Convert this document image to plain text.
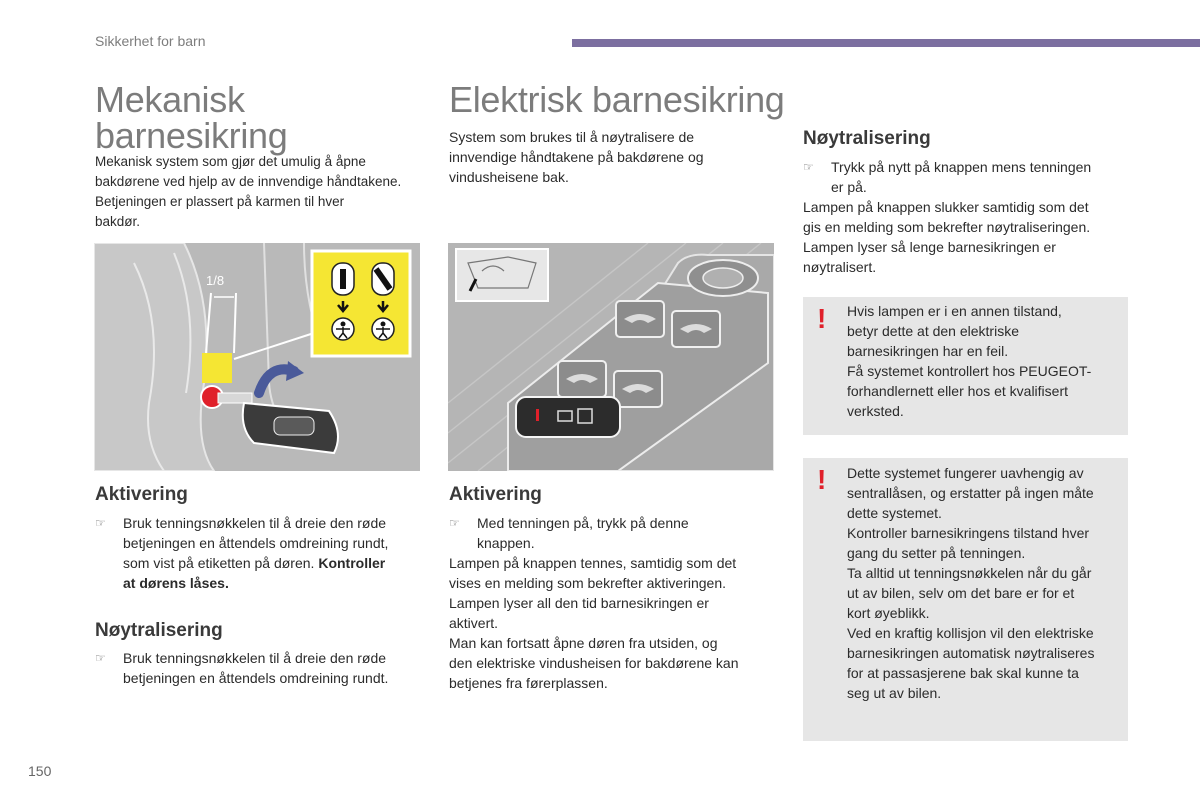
Sikkerhet for barn
Mekanisk
barnesikring
Mekanisk system som gjør det umulig å åpne
bakdørene ved hjelp av de innvendige håndtakene.
Betjeningen er plassert på karmen til hver
bakdør.
1/8
Aktivering
☞ Bruk tenningsnøkkelen til å dreie den røde
betjeningen en åttendels omdreining rundt,
som vist på etiketten på døren. Kontroller
at dørens låses.
Nøytralisering
☞ Bruk tenningsnøkkelen til å dreie den røde
betjeningen en åttendels omdreining rundt.
Elektrisk barnesikring
System som brukes til å nøytralisere de
innvendige håndtakene på bakdørene og
vindusheisene bak.
Aktivering
☞ Med tenningen på, trykk på denne
knappen.
Lampen på knappen tennes, samtidig som det
vises en melding som bekrefter aktiveringen.
Lampen lyser all den tid barnesikringen er
aktivert.
Man kan fortsatt åpne døren fra utsiden, og
den elektriske vindusheisen for bakdørene kan
betjenes fra førerplassen.
Nøytralisering
☞ Trykk på nytt på knappen mens tenningen
er på.
Lampen på knappen slukker samtidig som det
gis en melding som bekrefter nøytraliseringen.
Lampen lyser så lenge barnesikringen er
nøytralisert.
! Hvis lampen er i en annen tilstand,
betyr dette at den elektriske
barnesikringen har en feil.
Få systemet kontrollert hos PEUGEOT-
forhandlernett eller hos et kvalifisert
verksted.
! Dette systemet fungerer uavhengig av
sentrallåsen, og erstatter på ingen måte
dette systemet.
Kontroller barnesikringens tilstand hver
gang du setter på tenningen.
Ta alltid ut tenningsnøkkelen når du går
ut av bilen, selv om det bare er for et
kort øyeblikk.
Ved en kraftig kollisjon vil den elektriske
barnesikringen automatisk nøytraliseres
for at passasjerene bak skal kunne ta
seg ut av bilen.
150
